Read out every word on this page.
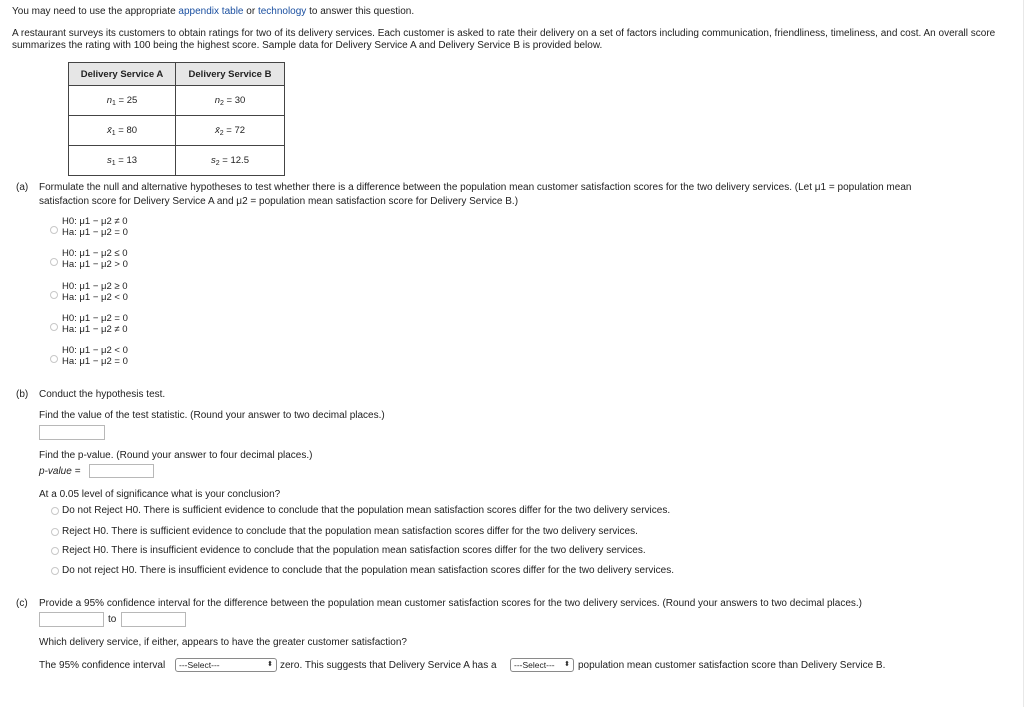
You may need to use the appropriate appendix table or technology to answer this question.
A restaurant surveys its customers to obtain ratings for two of its delivery services. Each customer is asked to rate their delivery on a set of factors including communication, friendliness, timeliness, and cost. An overall score summarizes the rating with 100 being the highest score. Sample data for Delivery Service A and Delivery Service B is provided below.
Delivery Service A	Delivery Service B
$n_1 = 25$	$n_2 = 30$
$x̄_1 = 80$	$x̄_2 = 72$
$s_1 = 13$	$s_2 = 12.5$
(a) Formulate the null and alternative hypotheses to test whether there is a difference between the population mean customer satisfaction scores for the two delivery services. (Let μ1 = population mean
satisfaction score for Delivery Service A and μ2 = population mean satisfaction score for Delivery Service B.)
H0: μ1 − μ2 ≠ 0
Ha: μ1 − μ2 = 0
H0: μ1 − μ2 ≤ 0
Ha: μ1 − μ2 > 0
H0: μ1 − μ2 ≥ 0
Ha: μ1 − μ2 < 0
H0: μ1 − μ2 = 0
Ha: μ1 − μ2 ≠ 0
H0: μ1 − μ2 < 0
Ha: μ1 − μ2 = 0
(b) Conduct the hypothesis test.
Find the value of the test statistic. (Round your answer to two decimal places.)
Find the p-value. (Round your answer to four decimal places.)
p-value =
At a 0.05 level of significance what is your conclusion?
Do not Reject H0. There is sufficient evidence to conclude that the population mean satisfaction scores differ for the two delivery services.
Reject H0. There is sufficient evidence to conclude that the population mean satisfaction scores differ for the two delivery services.
Reject H0. There is insufficient evidence to conclude that the population mean satisfaction scores differ for the two delivery services.
Do not reject H0. There is insufficient evidence to conclude that the population mean satisfaction scores differ for the two delivery services.
(c) Provide a 95% confidence interval for the difference between the population mean customer satisfaction scores for the two delivery services. (Round your answers to two decimal places.)
to
Which delivery service, if either, appears to have the greater customer satisfaction?
The 95% confidence interval	---Select---	⬍ zero. This suggests that Delivery Service A has a	---Select--- ⬍ population mean customer satisfaction score than Delivery Service B.
